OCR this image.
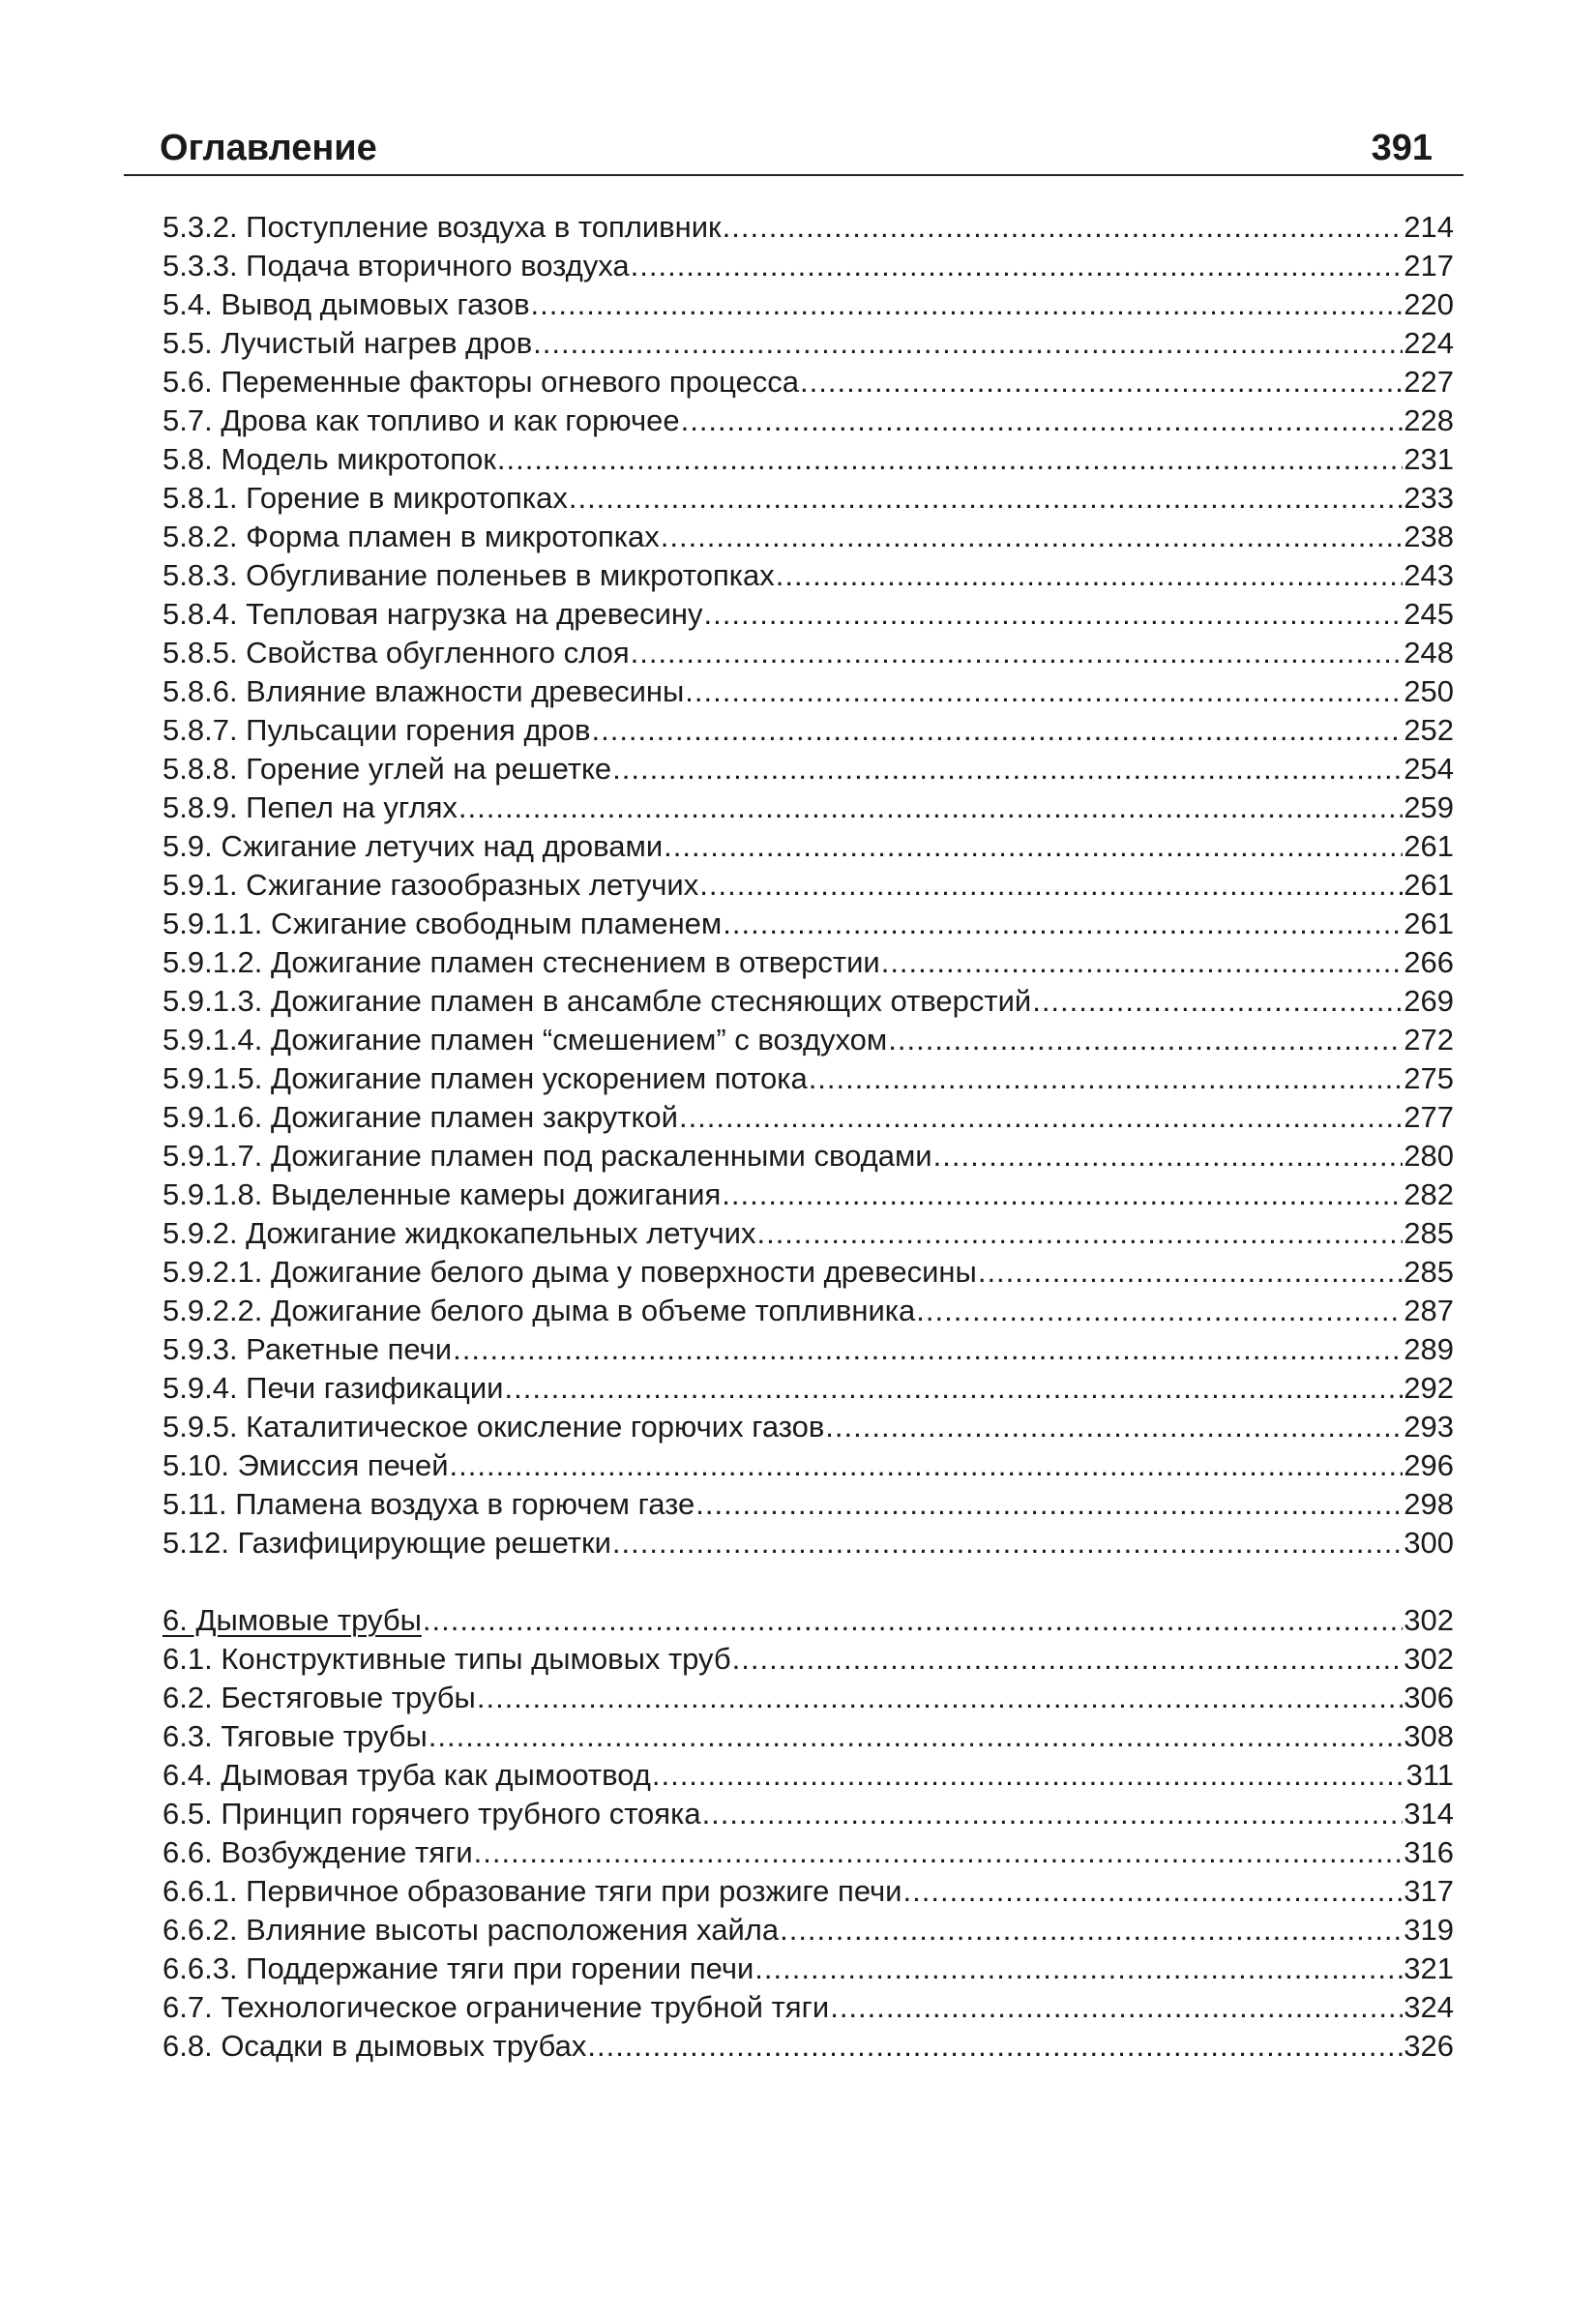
Оглавление	391
5.3.2. Поступление воздуха в топливник .....	214
5.3.3. Подача вторичного воздуха .....	217
5.4. Вывод дымовых газов .....	220
5.5. Лучистый нагрев дров .....	224
5.6. Переменные факторы огневого процесса .....	227
5.7. Дрова как топливо и как горючее .....	228
5.8. Модель микротопок .....	231
5.8.1. Горение в микротопках .....	233
5.8.2. Форма пламен в микротопках .....	238
5.8.3. Обугливание поленьев в микротопках .....	243
5.8.4. Тепловая нагрузка на древесину .....	245
5.8.5. Свойства обугленного слоя .....	248
5.8.6. Влияние влажности древесины .....	250
5.8.7. Пульсации горения дров .....	252
5.8.8. Горение углей на решетке .....	254
5.8.9. Пепел на углях .....	259
5.9. Сжигание летучих над дровами .....	261
5.9.1. Сжигание газообразных летучих .....	261
5.9.1.1. Сжигание свободным пламенем .....	261
5.9.1.2. Дожигание пламен стеснением в отверстии .....	266
5.9.1.3. Дожигание пламен в ансамбле стесняющих отверстий .....	269
5.9.1.4. Дожигание пламен “смешением” с воздухом .....	272
5.9.1.5. Дожигание пламен ускорением потока .....	275
5.9.1.6. Дожигание пламен закруткой .....	277
5.9.1.7. Дожигание пламен под раскаленными сводами .....	280
5.9.1.8. Выделенные камеры дожигания .....	282
5.9.2. Дожигание жидкокапельных летучих .....	285
5.9.2.1. Дожигание белого дыма у поверхности древесины .....	285
5.9.2.2. Дожигание белого дыма в объеме топливника .....	287
5.9.3. Ракетные печи .....	289
5.9.4. Печи газификации .....	292
5.9.5. Каталитическое окисление горючих газов .....	293
5.10. Эмиссия печей .....	296
5.11. Пламена воздуха в горючем газе .....	298
5.12. Газифицирующие решетки .....	300
6. Дымовые трубы .....	302
6.1. Конструктивные типы дымовых труб .....	302
6.2. Бестяговые трубы .....	306
6.3. Тяговые трубы .....	308
6.4. Дымовая труба как дымоотвод .....	311
6.5. Принцип горячего трубного стояка .....	314
6.6. Возбуждение тяги .....	316
6.6.1. Первичное образование тяги при розжиге печи .....	317
6.6.2. Влияние высоты расположения хайла .....	319
6.6.3. Поддержание тяги при горении печи .....	321
6.7. Технологическое ограничение трубной тяги .....	324
6.8. Осадки в дымовых трубах .....	326
